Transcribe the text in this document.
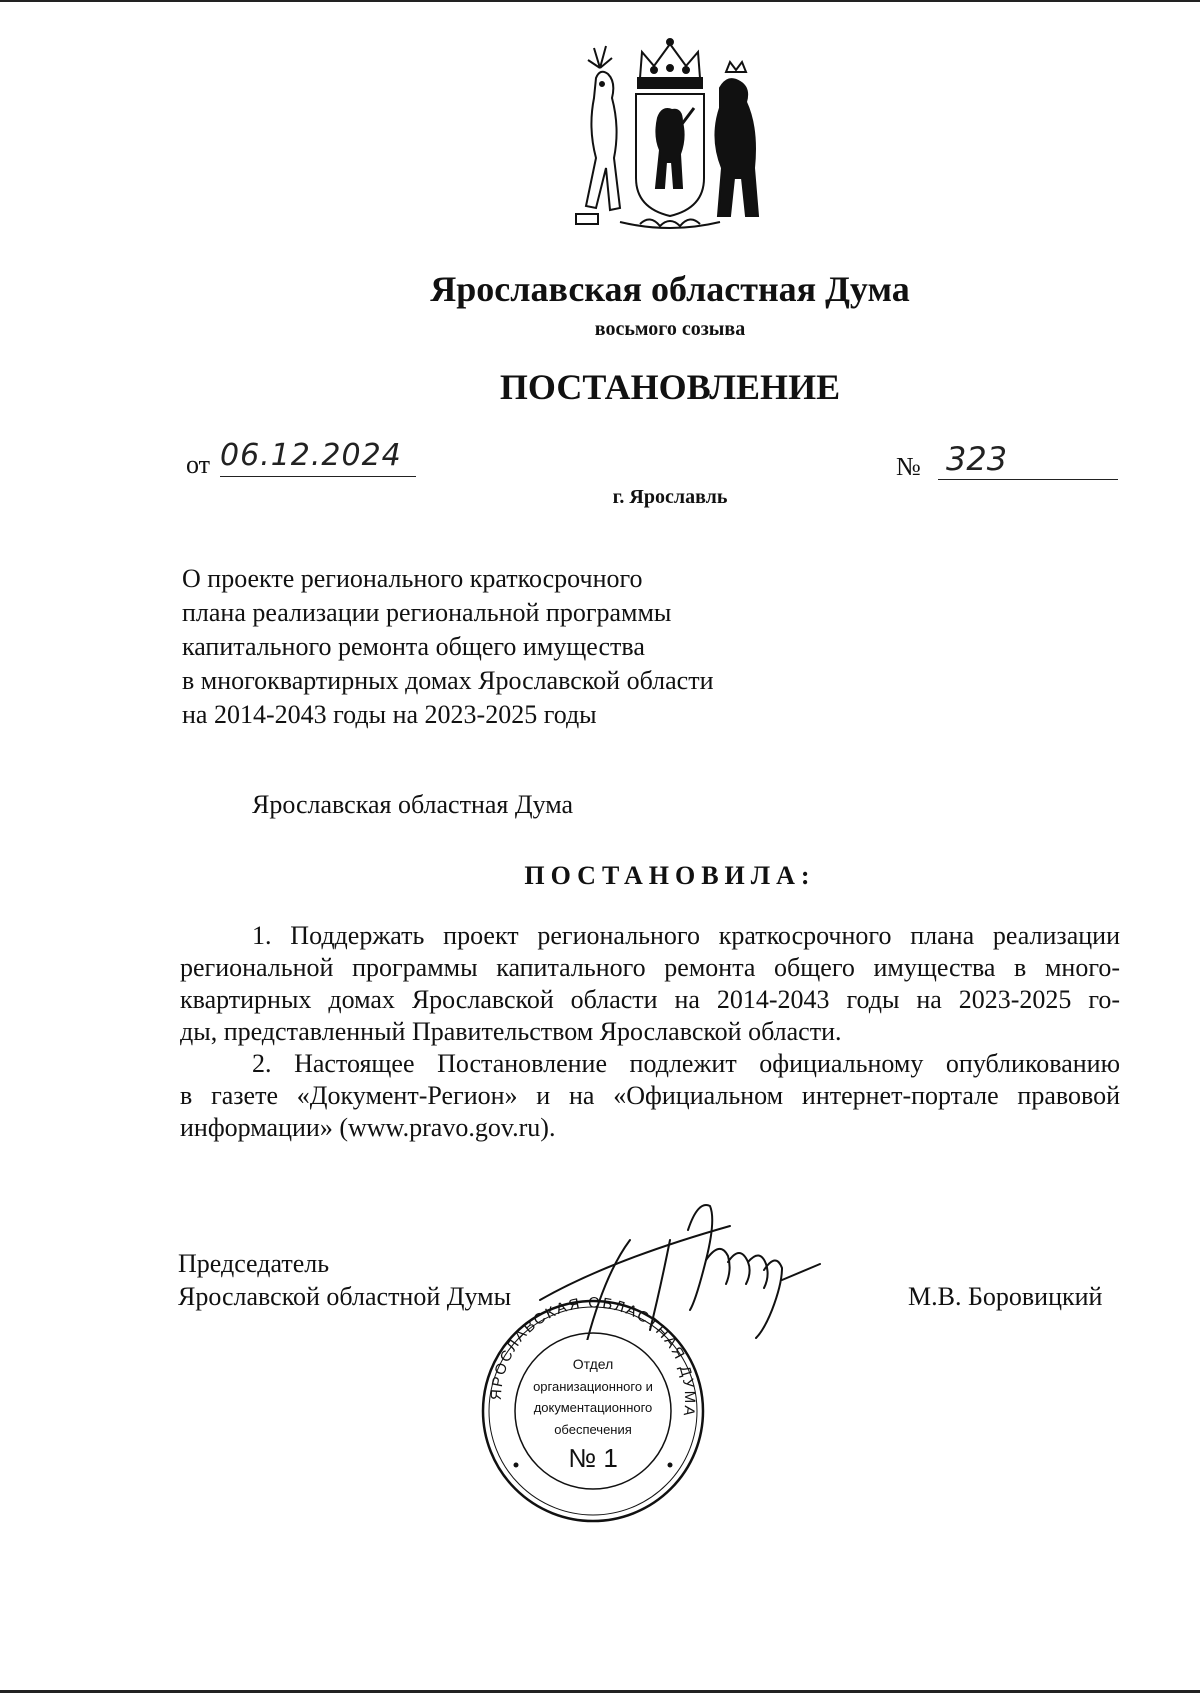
Ярославская областная Дума
восьмого созыва
ПОСТАНОВЛЕНИЕ
от 06.12.2024	№ 323
г. Ярославль
О проекте регионального краткосрочного
плана реализации региональной программы
капитального ремонта общего имущества
в многоквартирных домах Ярославской области
на 2014-2043 годы на 2023-2025 годы
Ярославская областная Дума
ПОСТАНОВИЛА:

1. Поддержать проект регионального краткосрочного плана реализации
региональной программы капитального ремонта общего имущества в много-
квартирных домах Ярославской области на 2014-2043 годы на 2023-2025 го-
ды, представленный Правительством Ярославской области.

2. Настоящее Постановление подлежит официальному опубликованию
в газете «Документ-Регион» и на «Официальном интернет-портале правовой
информации» (www.pravo.gov.ru).

Председатель
Ярославской областной Думы	М.В. Боровицкий
ЯРОСЛАВСКАЯ ОБЛАСТНАЯ ДУМА
Отдел
организационного и
документационного
обеспечения
№ 1
